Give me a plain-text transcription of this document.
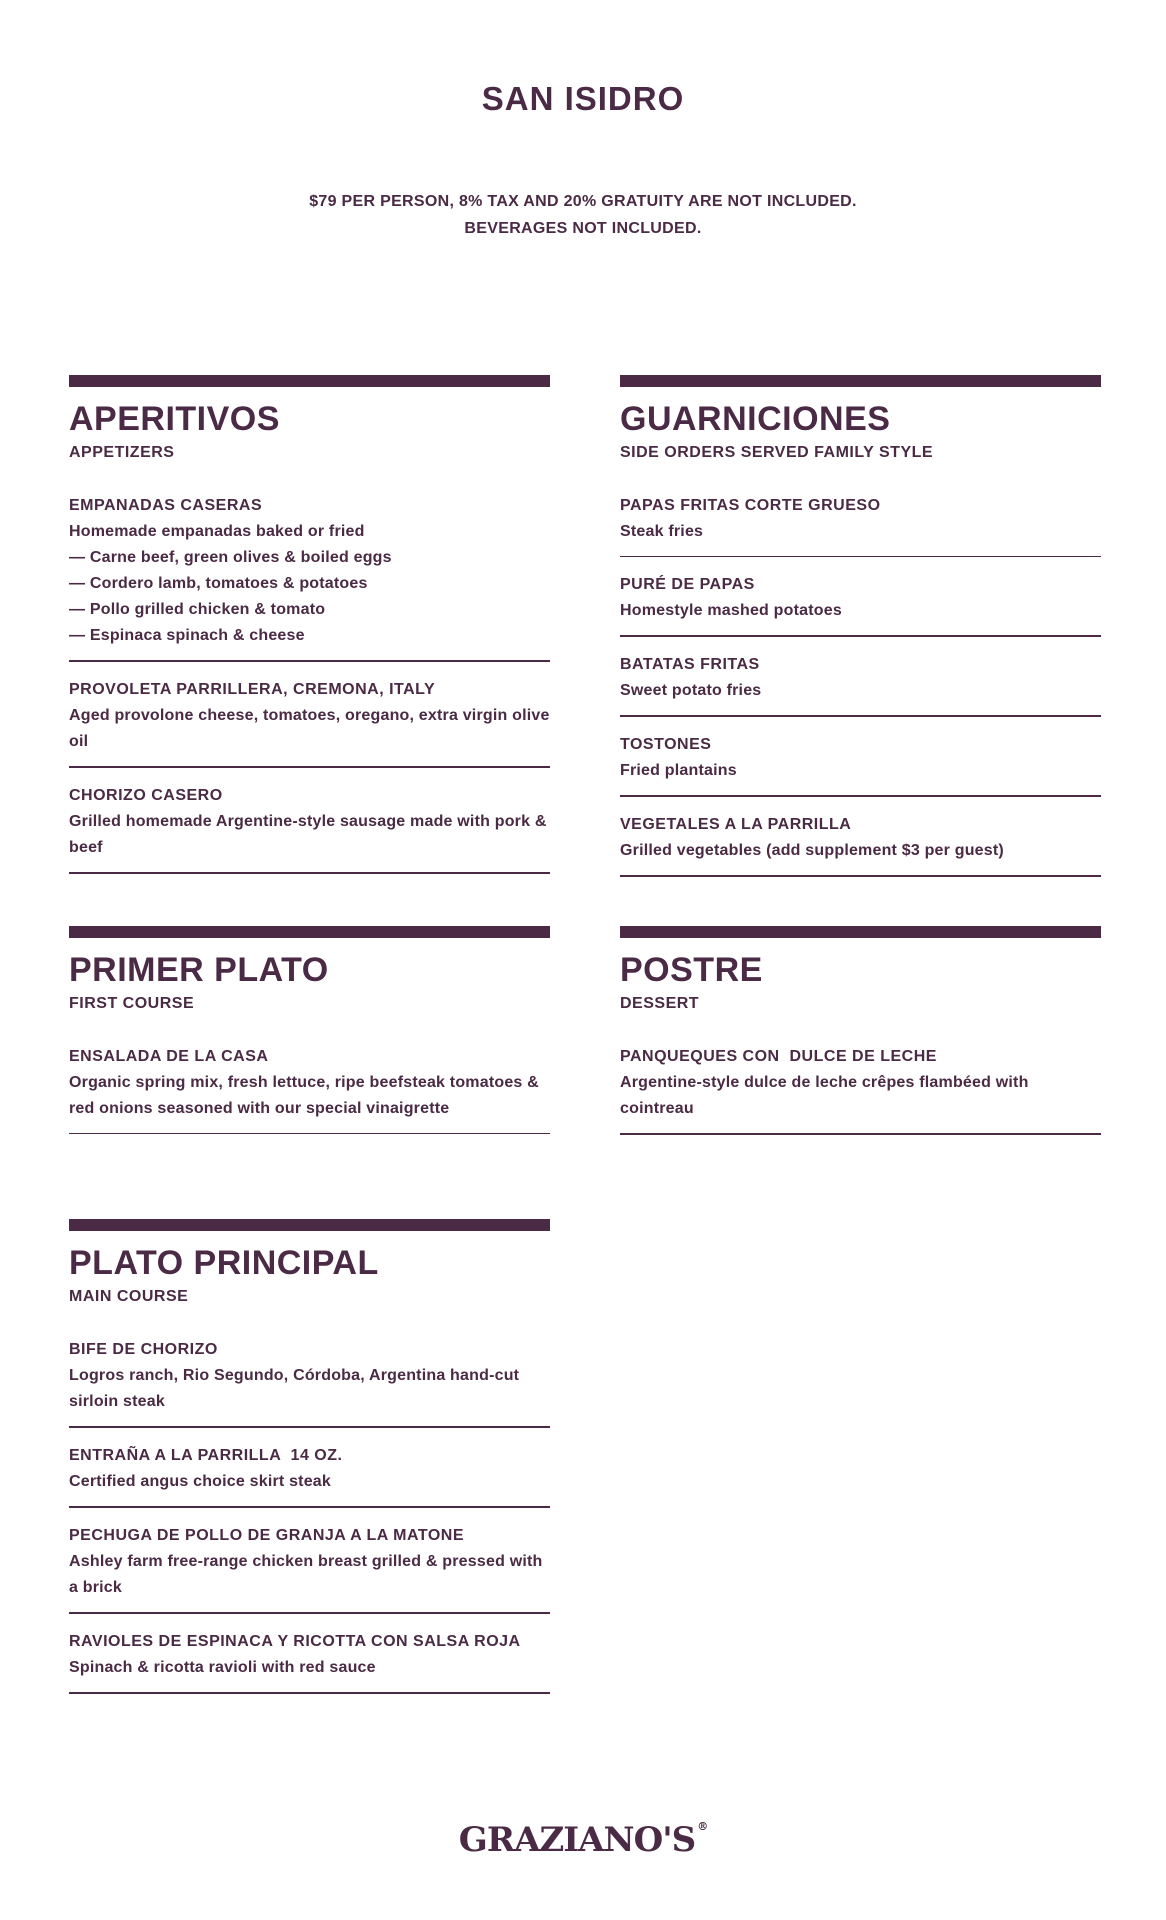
SAN ISIDRO
$79 PER PERSON, 8% TAX AND 20% GRATUITY ARE NOT INCLUDED.
BEVERAGES NOT INCLUDED.
APERITIVOS
APPETIZERS
EMPANADAS CASERAS
Homemade empanadas baked or fried
— Carne beef, green olives & boiled eggs
— Cordero lamb, tomatoes & potatoes
— Pollo grilled chicken & tomato
— Espinaca spinach & cheese
PROVOLETA PARRILLERA, CREMONA, ITALY
Aged provolone cheese, tomatoes, oregano, extra virgin olive oil
CHORIZO CASERO
Grilled homemade Argentine-style sausage made with pork & beef
GUARNICIONES
SIDE ORDERS SERVED FAMILY STYLE
PAPAS FRITAS CORTE GRUESO
Steak fries
PURÉ DE PAPAS
Homestyle mashed potatoes
BATATAS FRITAS
Sweet potato fries
TOSTONES
Fried plantains
VEGETALES A LA PARRILLA
Grilled vegetables (add supplement $3 per guest)
PRIMER PLATO
FIRST COURSE
ENSALADA DE LA CASA
Organic spring mix, fresh lettuce, ripe beefsteak tomatoes & red onions seasoned with our special vinaigrette
POSTRE
DESSERT
PANQUEQUES CON  DULCE DE LECHE
Argentine-style dulce de leche crêpes flambéed with cointreau
PLATO PRINCIPAL
MAIN COURSE
BIFE DE CHORIZO
Logros ranch, Rio Segundo, Córdoba, Argentina hand-cut sirloin steak
ENTRAÑA A LA PARRILLA  14 OZ.
Certified angus choice skirt steak
PECHUGA DE POLLO DE GRANJA A LA MATONE
Ashley farm free-range chicken breast grilled & pressed with a brick
RAVIOLES DE ESPINACA Y RICOTTA CON SALSA ROJA
Spinach & ricotta ravioli with red sauce
GRAZIANO'S ®
